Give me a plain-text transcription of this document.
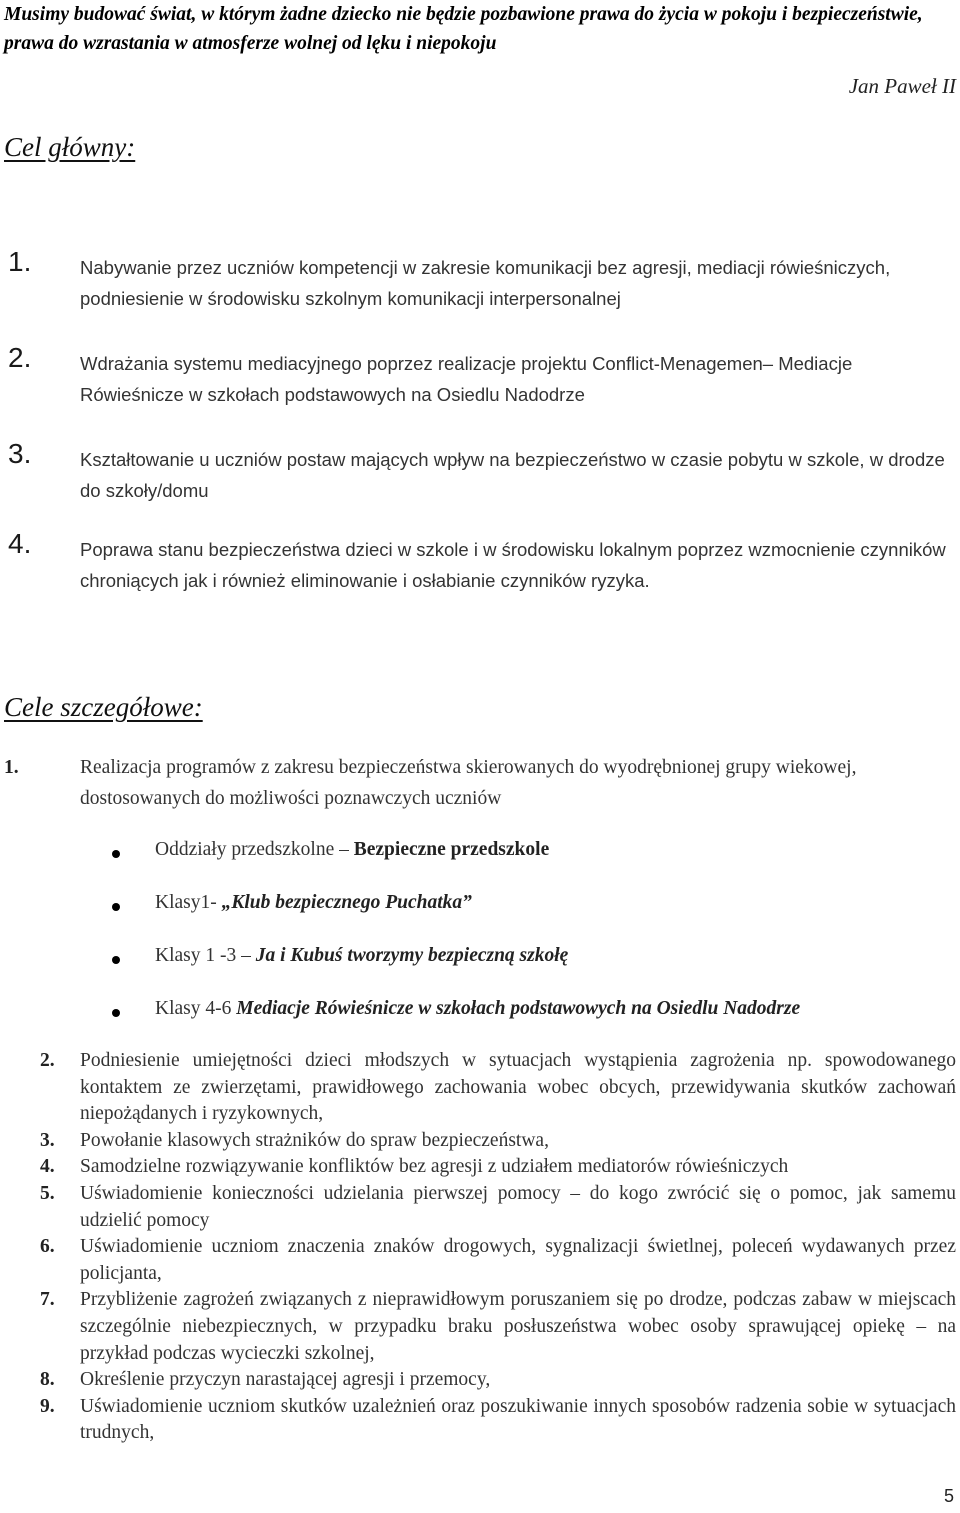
Musimy budować świat, w którym żadne dziecko nie będzie pozbawione prawa do życia w pokoju i bezpieczeństwie, prawa do wzrastania w atmosferze wolnej od lęku i niepokoju
Jan Paweł II
Cel główny:
1.	Nabywanie przez uczniów kompetencji w zakresie komunikacji bez agresji, mediacji rówieśniczych, podniesienie w środowisku szkolnym komunikacji interpersonalnej
2.	Wdrażania systemu mediacyjnego poprzez realizacje projektu Conflict-Menagemen– Mediacje Rówieśnicze w szkołach podstawowych na Osiedlu Nadodrze
3.	Kształtowanie u uczniów postaw mających wpływ na bezpieczeństwo w czasie pobytu w szkole, w drodze do szkoły/domu
4.	Poprawa stanu bezpieczeństwa dzieci w szkole i w środowisku lokalnym poprzez wzmocnienie czynników chroniących jak i również eliminowanie i osłabianie czynników ryzyka.
Cele szczegółowe:
1.	Realizacja programów z zakresu bezpieczeństwa skierowanych do wyodrębnionej grupy wiekowej, dostosowanych do możliwości poznawczych uczniów
Oddziały przedszkolne – Bezpieczne przedszkole
Klasy1- „Klub bezpiecznego Puchatka”
Klasy 1 -3 – Ja i Kubuś tworzymy bezpieczną szkołę
Klasy 4-6 Mediacje Rówieśnicze w szkołach podstawowych na Osiedlu Nadodrze
2. Podniesienie umiejętności dzieci młodszych w sytuacjach wystąpienia zagrożenia np. spowodowanego kontaktem ze zwierzętami, prawidłowego zachowania wobec obcych, przewidywania skutków zachowań niepożądanych i ryzykownych,
3. Powołanie klasowych strażników do spraw bezpieczeństwa,
4. Samodzielne rozwiązywanie konfliktów bez agresji z udziałem mediatorów rówieśniczych
5. Uświadomienie konieczności udzielania pierwszej pomocy – do kogo zwrócić się o pomoc, jak samemu udzielić pomocy
6. Uświadomienie uczniom znaczenia znaków drogowych, sygnalizacji świetlnej, poleceń wydawanych przez policjanta,
7. Przybliżenie zagrożeń związanych z nieprawidłowym poruszaniem się po drodze, podczas zabaw w miejscach szczególnie niebezpiecznych, w przypadku braku posłuszeństwa wobec osoby sprawującej opiekę – na przykład podczas wycieczki szkolnej,
8. Określenie przyczyn narastającej agresji i przemocy,
9. Uświadomienie uczniom skutków uzależnień oraz poszukiwanie innych sposobów radzenia sobie w sytuacjach trudnych,
5
